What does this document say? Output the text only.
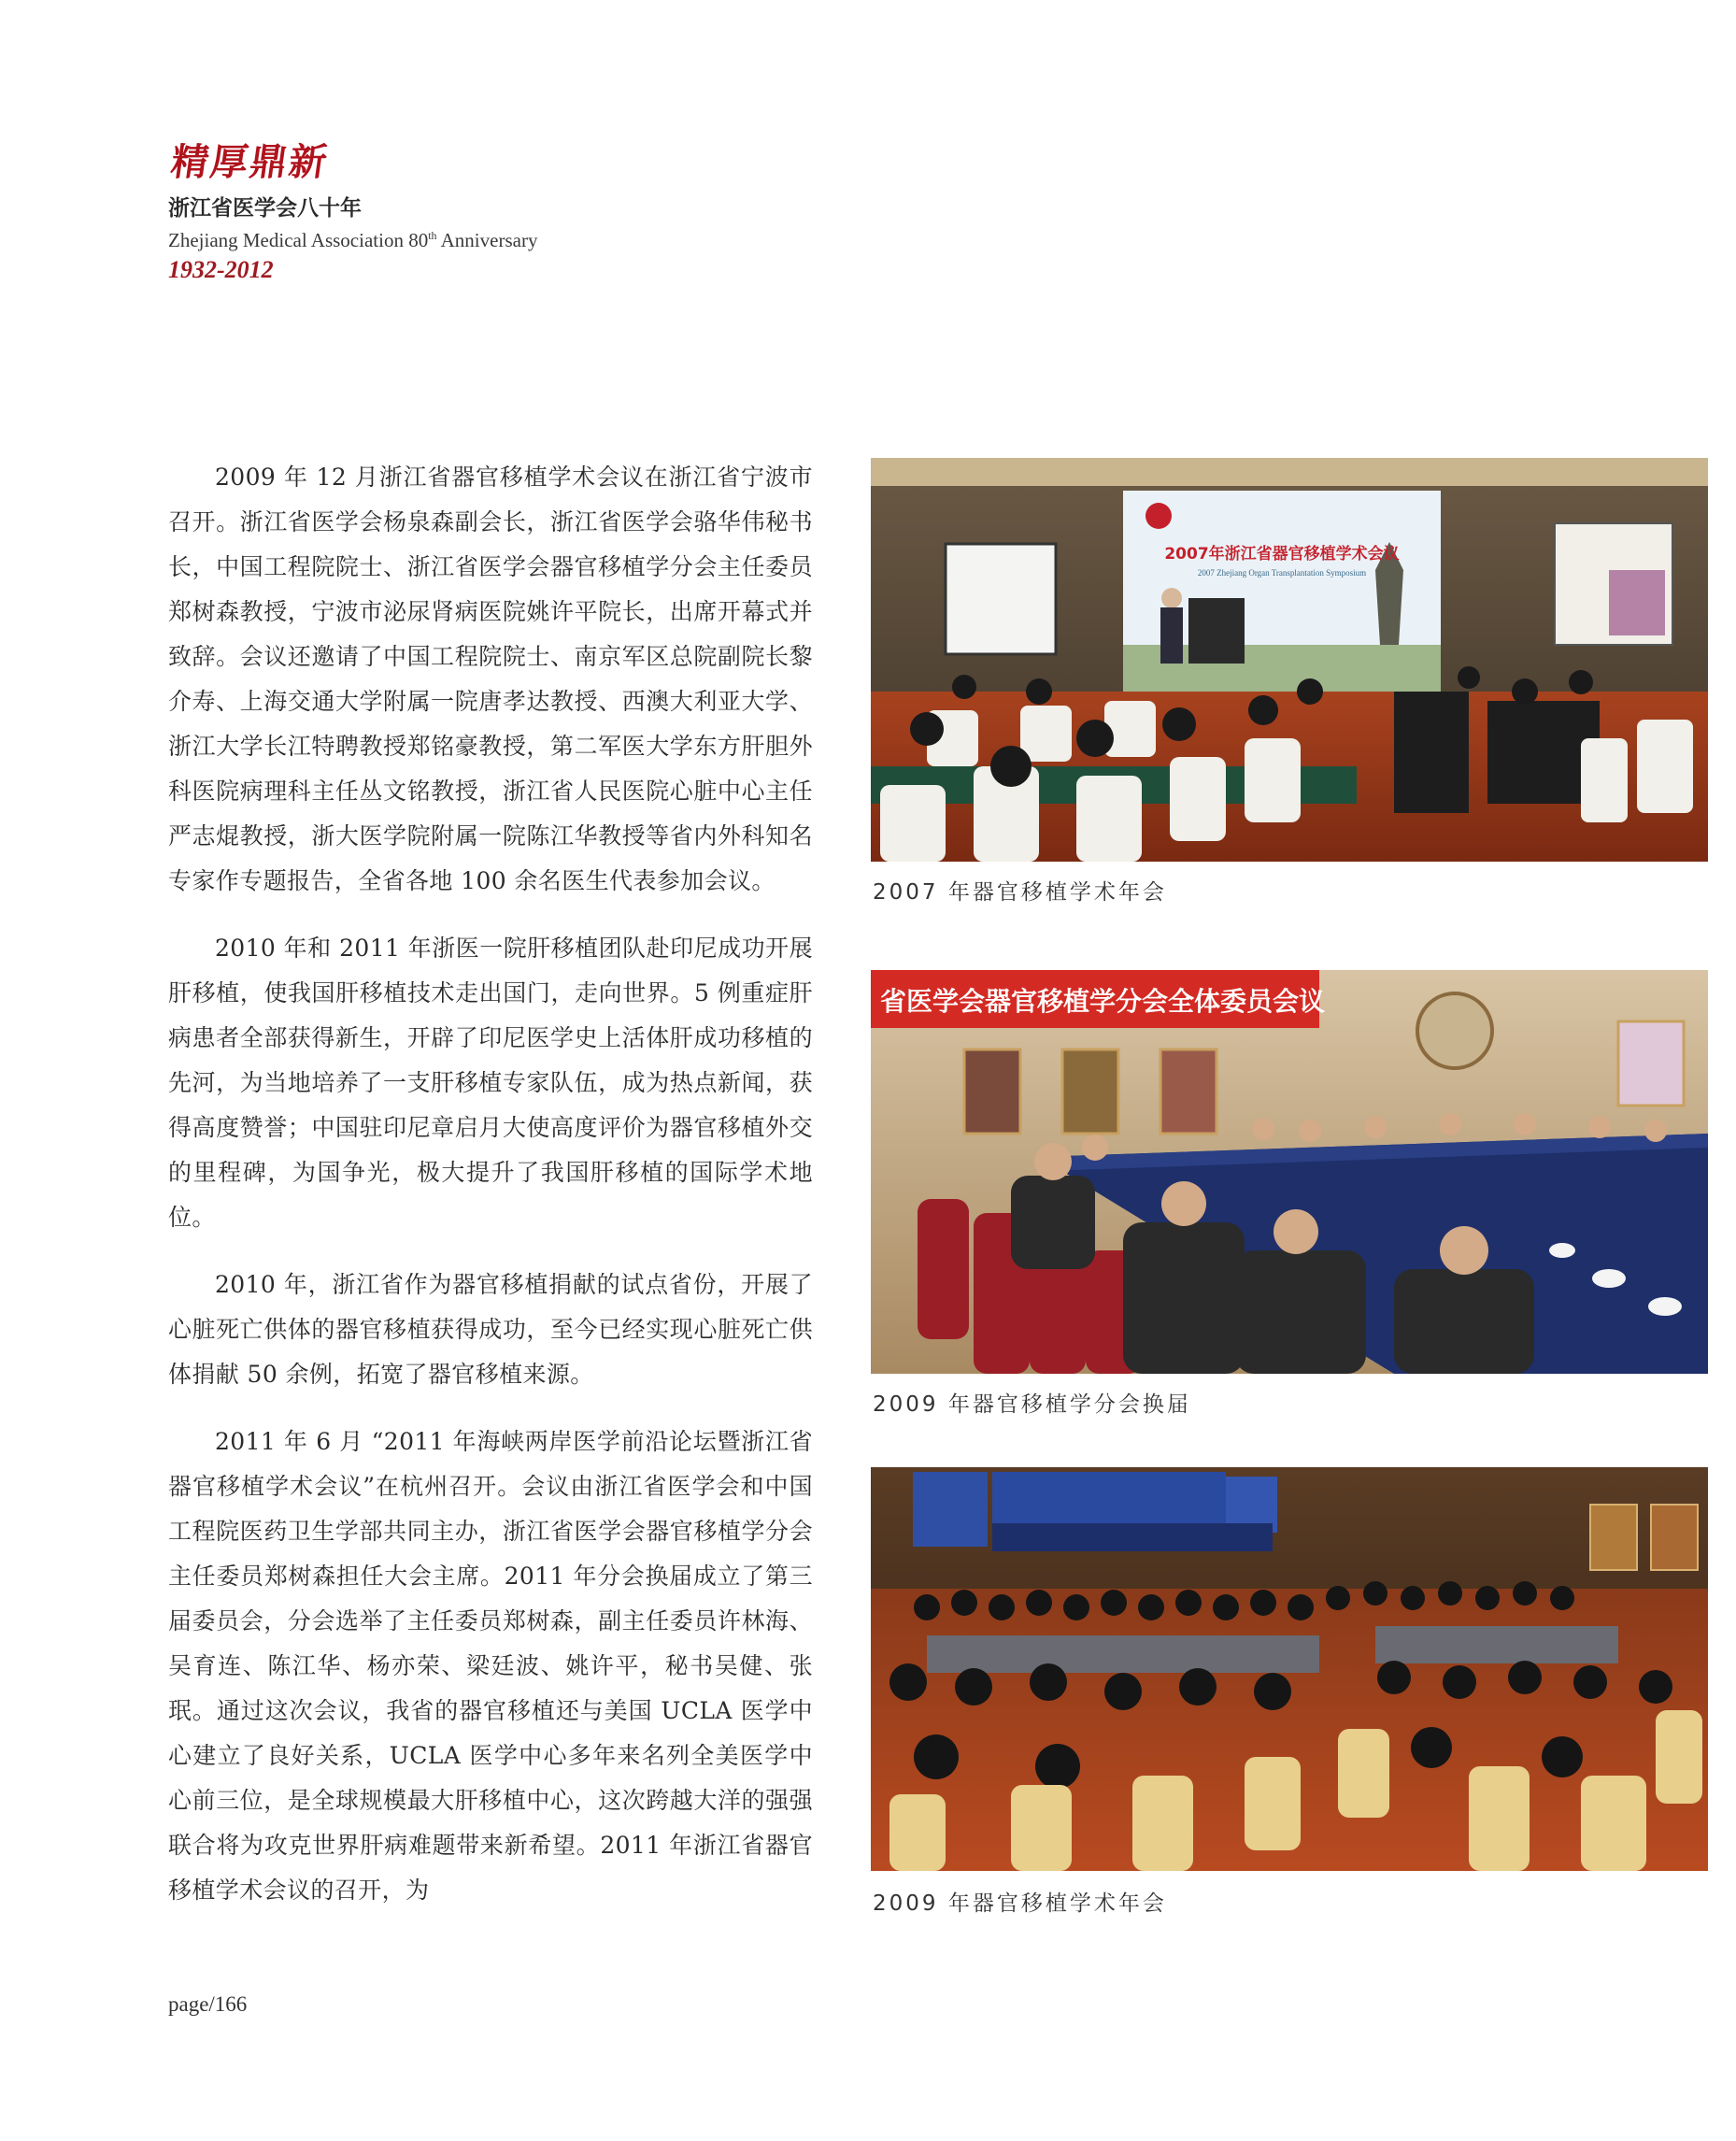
精厚鼎新
浙江省医学会八十年
Zhejiang Medical Association 80th Anniversary
1932-2012

2009 年 12 月浙江省器官移植学术会议在浙江省宁波市召开。浙江省医学会杨泉森副会长，浙江省医学会骆华伟秘书长，中国工程院院士、浙江省医学会器官移植学分会主任委员郑树森教授，宁波市泌尿肾病医院姚许平院长，出席开幕式并致辞。会议还邀请了中国工程院院士、南京军区总院副院长黎介寿、上海交通大学附属一院唐孝达教授、西澳大利亚大学、浙江大学长江特聘教授郑铭豪教授，第二军医大学东方肝胆外科医院病理科主任丛文铭教授，浙江省人民医院心脏中心主任严志焜教授，浙大医学院附属一院陈江华教授等省内外科知名专家作专题报告，全省各地 100 余名医生代表参加会议。

2010 年和 2011 年浙医一院肝移植团队赴印尼成功开展肝移植，使我国肝移植技术走出国门，走向世界。5 例重症肝病患者全部获得新生，开辟了印尼医学史上活体肝成功移植的先河，为当地培养了一支肝移植专家队伍，成为热点新闻，获得高度赞誉；中国驻印尼章启月大使高度评价为器官移植外交的里程碑，为国争光，极大提升了我国肝移植的国际学术地位。

2010 年，浙江省作为器官移植捐献的试点省份，开展了心脏死亡供体的器官移植获得成功，至今已经实现心脏死亡供体捐献 50 余例，拓宽了器官移植来源。

2011 年 6 月 “2011 年海峡两岸医学前沿论坛暨浙江省器官移植学术会议”在杭州召开。会议由浙江省医学会和中国工程院医药卫生学部共同主办，浙江省医学会器官移植学分会主任委员郑树森担任大会主席。2011 年分会换届成立了第三届委员会，分会选举了主任委员郑树森，副主任委员许林海、吴育连、陈江华、杨亦荣、梁廷波、姚许平，秘书吴健、张珉。通过这次会议，我省的器官移植还与美国 UCLA 医学中心建立了良好关系，UCLA 医学中心多年来名列全美医学中心前三位，是全球规模最大肝移植中心，这次跨越大洋的强强联合将为攻克世界肝病难题带来新希望。2011 年浙江省器官移植学术会议的召开，为

2007年浙江省器官移植学术会议
2007 Zhejiang Organ Transplantation Symposium
2007 年器官移植学术年会
省医学会器官移植学分会全体委员会议
2009 年器官移植学分会换届
2009 年器官移植学术年会
page/166
